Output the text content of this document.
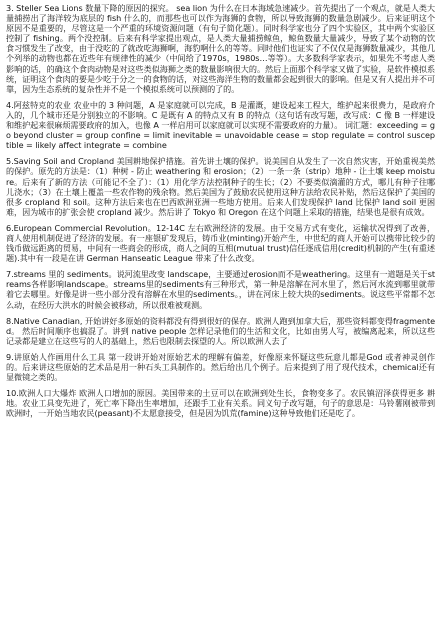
3. Steller Sea Lions 数量下降的原因的探究。 sea lion 为什么在日本海域急速减少。首先提出了一个观点，就是人类大量捕捞出了海洋较为底层的 fish 什么的，而那些也可以作为海狮的食物，所以导致海狮的数量急剧减少。后来证明这个原因不是重要的，尽管这是一个严重的环境资源问题（有句子简化题）。同时科学家也分了四个实验区，其中两个实验区控制了 fishing。两个没控制。后来有科学家提出观点，是人类大量捕捞鲸鱼，鲸鱼数量大量减少，导致了某个动物的饮食习惯发生了改变，由于没吃的了就改吃海狮啊，海豹啊什么的等等。同时他们也证实了不仅仅是海狮数量减少，其他几个列举的动物也都在近些年有规律性的减少（中间给了1970s，1980s…等等）。大多数科学家表示，如果先不考虑人类影响的话，的确这个食肉动物是对这些类似海狮之类的数量影响很大的。然后上面那个科学家又做了实验，是软件模拟系统，证明这个食肉的要是少吃于分之一的食物的话，对这些海洋生物的数量都会起到很大的影响。但是又有人提出并不可靠，因为生态系统的复杂性并不是一个模拟系统可以预测的了的。

4.阿兹特克的农业 农业中的 3 种问题，A 是家庭就可以完成，B 是灌溉，建设起来工程大，维护起来很费力，是政府介入的，几个城市还是分别独立的不影响。C 是既有 A 的特点又有 B 的特点（这句话有改写题，改写成：C 像 B 一样建设和维护起来很麻烦需要政府的加入，也像 A 一样启用可以家庭就可以实现不需要政府的力量）。 词汇题：exceeding = go beyond cluster = group confine = limit inevitable = unavoidable cease = stop regulate = control susceptible = likely affect integrate = combine

5.Saving Soil and Cropland 美国耕地保护措施。首先讲土壤的保护。说美国自从发生了一次自然灾害，开始重视美然的保护。原先的方法是：（1）种树 - 防止 weathering 和 erosion；（2）一条一条（strip）地种 - 让土壤 keep moisture。后来有了新的方法（可能记不全了）：（1）用化学方法控制种子的生长；（2）不要类似滴灌的方式，哪儿有种子往哪儿浇水；（3）在土壤上覆盖一些农作物的残余物。然后美国为了鼓励农民使用这种方法给农民补贴，然后这保护了美国的很多 cropland 和 soil。这种方法后来也在巴西欧洲亚洲一些地方使用。后来人们发现保护 land 比保护 land soil 更困难，因为城市的扩张会使 cropland 减少。然后讲了 Tokyo 和 Oregon 在这个问题上采取的措施，结果也是很有成效。

6.European Commercial Revolution。12-14C 左右欧洲经济的发展。由于交易方式有变化，运输状况得到了改善，商人使用机制促进了经济的发展。有一座银矿发现后，铸币业(minting)开始产生，中世纪的商人开始可以携带比较少的钱币做远距离的贸易，中间有一些商会的形成，商人之间的互相(mutual trust)信任逐成信用(credit)机制的产生(有重述题).其中有一段是在讲 German Hanseatic League 带来了什么改变。

7.streams 里的 sediments。说河流里改变 landscape，主要通过erosion而不是weathering。这里有一道题是关于streams各样影响landscape。streams里的sediments有三种形式，第一种是溶解在河水里了，然后河水流到哪里就带着它去哪里。好像是讲一些小部分没有溶解在水里的sediments。，讲在河床上较大块的sediments。说这些平常都不怎么动，在经历大洪水的时候会被移动，所以很难被观测。

8.Native Canadian, 开始讲好多原始的资料都没有得到很好的保存。欧洲人跑到加拿大后，那些资料都变得fragmented。 然后时间顺序也搞混了。讲到 native people 怎样记录他们的生活和文化，比如由男人写，被编离起来，所以这些记录都是建立在这些写的人的基础上，然后也限制去探望的人。所以欧洲人去了

9.讲原始人作画用什么工具 第一段讲开始对原始艺术的理解有偏差，好像原来怀疑这些玩意儿都是God 或者神灵创作的。后来讲这些原始的艺术品是用一种石头工具制作的。然后给出几个例子。后来提到了用了现代技术，chemical还有显微镜之类的。

10.欧洲人口大爆炸 欧洲人口增加的原因。美国带来的土豆可以在欧洲到处生长，食物变多了。农民镇沼泽获得更多 耕地。农业工具变先进了，死亡率下降出生率增加，还跟手工业有关系。同义句子改写题，句子的意思是：马铃薯刚被带到欧洲时，一开始当地农民(peasant)不太愿意接受，但是因为饥荒(famine)这种导致他们还是吃了。
